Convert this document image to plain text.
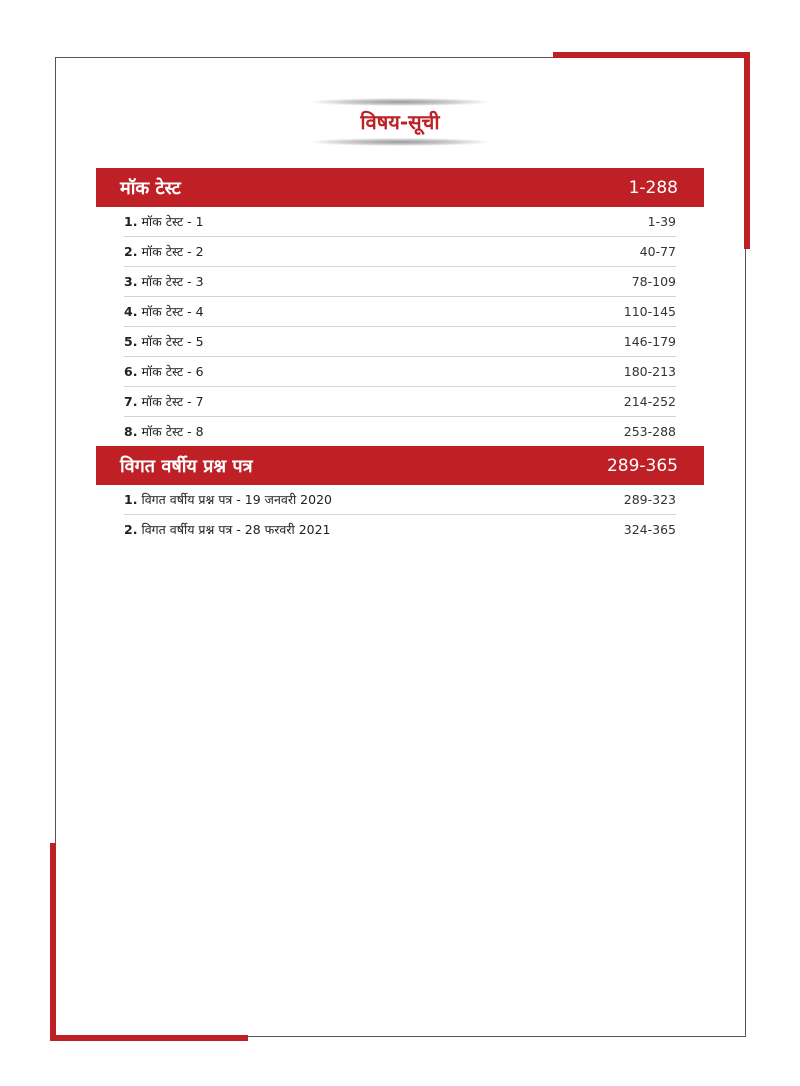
विषय-सूची
मॉक टेस्ट	1-288
1. मॉक टेस्ट - 1	1-39
2. मॉक टेस्ट - 2	40-77
3. मॉक टेस्ट - 3	78-109
4. मॉक टेस्ट - 4	110-145
5. मॉक टेस्ट - 5	146-179
6. मॉक टेस्ट - 6	180-213
7. मॉक टेस्ट - 7	214-252
8. मॉक टेस्ट - 8	253-288
विगत वर्षीय प्रश्न पत्र	289-365
1. विगत वर्षीय प्रश्न पत्र - 19 जनवरी 2020	289-323
2. विगत वर्षीय प्रश्न पत्र - 28 फरवरी 2021	324-365
